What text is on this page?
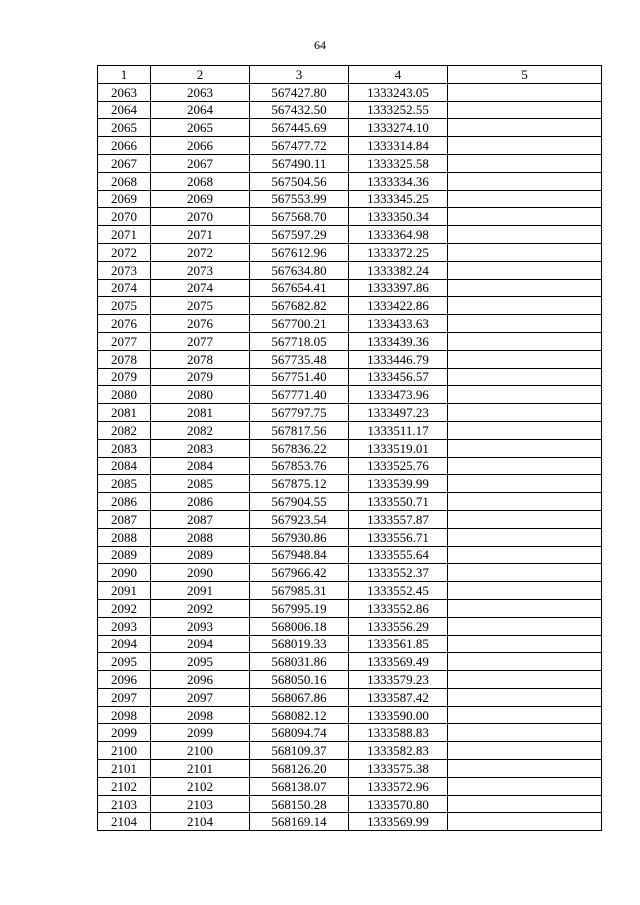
64
1	2	3	4	5
2063	2063	567427.80	1333243.05	
2064	2064	567432.50	1333252.55	
2065	2065	567445.69	1333274.10	
2066	2066	567477.72	1333314.84	
2067	2067	567490.11	1333325.58	
2068	2068	567504.56	1333334.36	
2069	2069	567553.99	1333345.25	
2070	2070	567568.70	1333350.34	
2071	2071	567597.29	1333364.98	
2072	2072	567612.96	1333372.25	
2073	2073	567634.80	1333382.24	
2074	2074	567654.41	1333397.86	
2075	2075	567682.82	1333422.86	
2076	2076	567700.21	1333433.63	
2077	2077	567718.05	1333439.36	
2078	2078	567735.48	1333446.79	
2079	2079	567751.40	1333456.57	
2080	2080	567771.40	1333473.96	
2081	2081	567797.75	1333497.23	
2082	2082	567817.56	1333511.17	
2083	2083	567836.22	1333519.01	
2084	2084	567853.76	1333525.76	
2085	2085	567875.12	1333539.99	
2086	2086	567904.55	1333550.71	
2087	2087	567923.54	1333557.87	
2088	2088	567930.86	1333556.71	
2089	2089	567948.84	1333555.64	
2090	2090	567966.42	1333552.37	
2091	2091	567985.31	1333552.45	
2092	2092	567995.19	1333552.86	
2093	2093	568006.18	1333556.29	
2094	2094	568019.33	1333561.85	
2095	2095	568031.86	1333569.49	
2096	2096	568050.16	1333579.23	
2097	2097	568067.86	1333587.42	
2098	2098	568082.12	1333590.00	
2099	2099	568094.74	1333588.83	
2100	2100	568109.37	1333582.83	
2101	2101	568126.20	1333575.38	
2102	2102	568138.07	1333572.96	
2103	2103	568150.28	1333570.80	
2104	2104	568169.14	1333569.99	
